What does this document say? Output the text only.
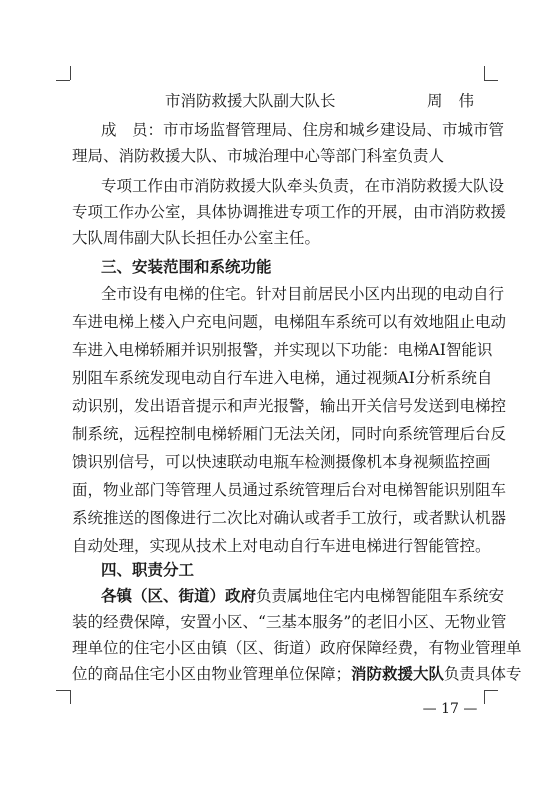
市消防救援大队副大队长	周伟
成　员：市市场监督管理局、住房和城乡建设局、市城市管
理局、消防救援大队、市城治理中心等部门科室负责人
专项工作由市消防救援大队牵头负责，在市消防救援大队设
专项工作办公室，具体协调推进专项工作的开展，由市消防救援
大队周伟副大队长担任办公室主任。
三、安装范围和系统功能
全市设有电梯的住宅。针对目前居民小区内出现的电动自行
车进电梯上楼入户充电问题，电梯阻车系统可以有效地阻止电动
车进入电梯轿厢并识别报警，并实现以下功能：电梯AI智能识
别阻车系统发现电动自行车进入电梯，通过视频AI分析系统自
动识别，发出语音提示和声光报警，输出开关信号发送到电梯控
制系统，远程控制电梯轿厢门无法关闭，同时向系统管理后台反
馈识别信号，可以快速联动电瓶车检测摄像机本身视频监控画
面，物业部门等管理人员通过系统管理后台对电梯智能识别阻车
系统推送的图像进行二次比对确认或者手工放行，或者默认机器
自动处理，实现从技术上对电动自行车进电梯进行智能管控。
四、职责分工
各镇（区、街道）政府负责属地住宅内电梯智能阻车系统安
装的经费保障，安置小区、“三基本服务”的老旧小区、无物业管
理单位的住宅小区由镇（区、街道）政府保障经费，有物业管理单
位的商品住宅小区由物业管理单位保障；消防救援大队负责具体专
— 17 —
